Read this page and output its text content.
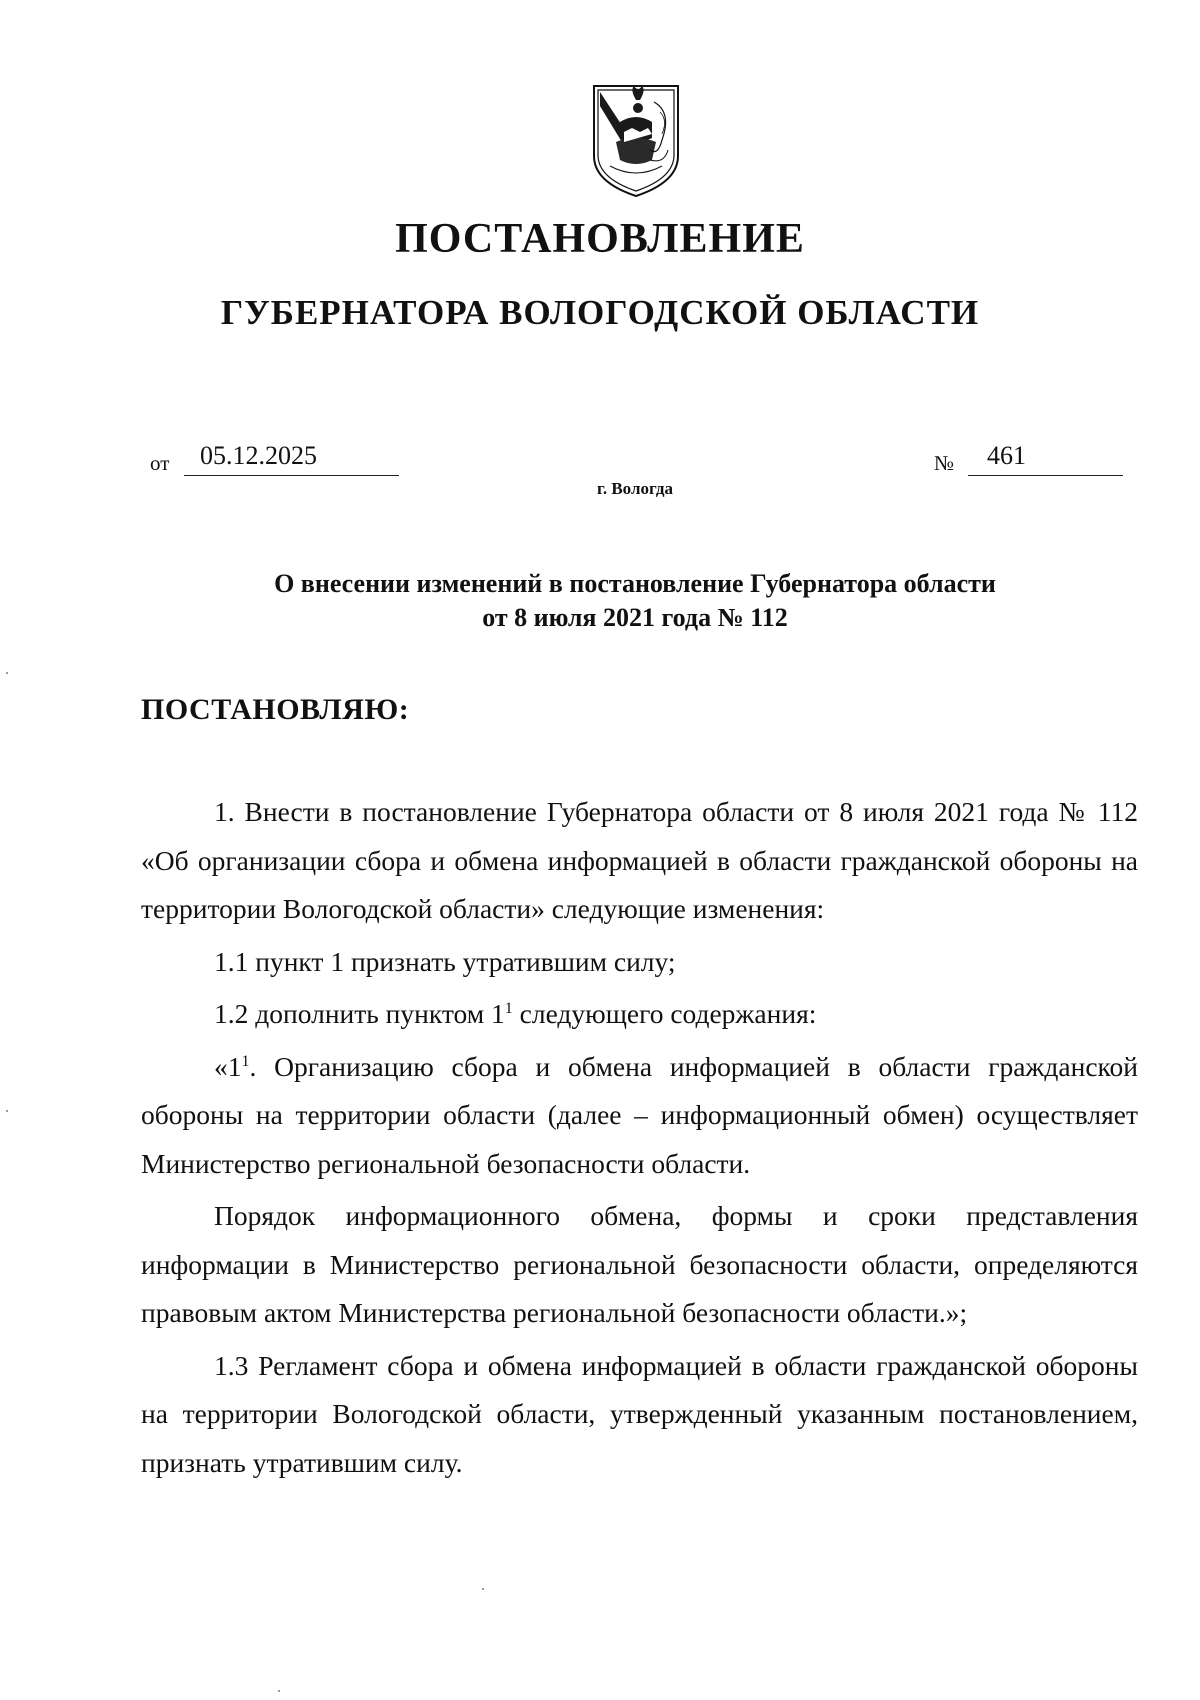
ПОСТАНОВЛЕНИЕ
ГУБЕРНАТОРА ВОЛОГОДСКОЙ ОБЛАСТИ
от 05.12.2025	№ 461
г. Вологда
О внесении изменений в постановление Губернатора области
от 8 июля 2021 года № 112
ПОСТАНОВЛЯЮ:

1. Внести в постановление Губернатора области от 8 июля 2021 года № 112 «Об организации сбора и обмена информацией в области гражданской обороны на территории Вологодской области» следующие изменения:

1.1 пункт 1 признать утратившим силу;

1.2 дополнить пунктом $1^1$ следующего содержания:

«$1^1$. Организацию сбора и обмена информацией в области гражданской обороны на территории области (далее – информационный обмен) осуществляет Министерство региональной безопасности области.

Порядок информационного обмена, формы и сроки представления информации в Министерство региональной безопасности области, определяются правовым актом Министерства региональной безопасности области.»;

1.3 Регламент сбора и обмена информацией в области гражданской обороны на территории Вологодской области, утвержденный указанным постановлением, признать утратившим силу.
